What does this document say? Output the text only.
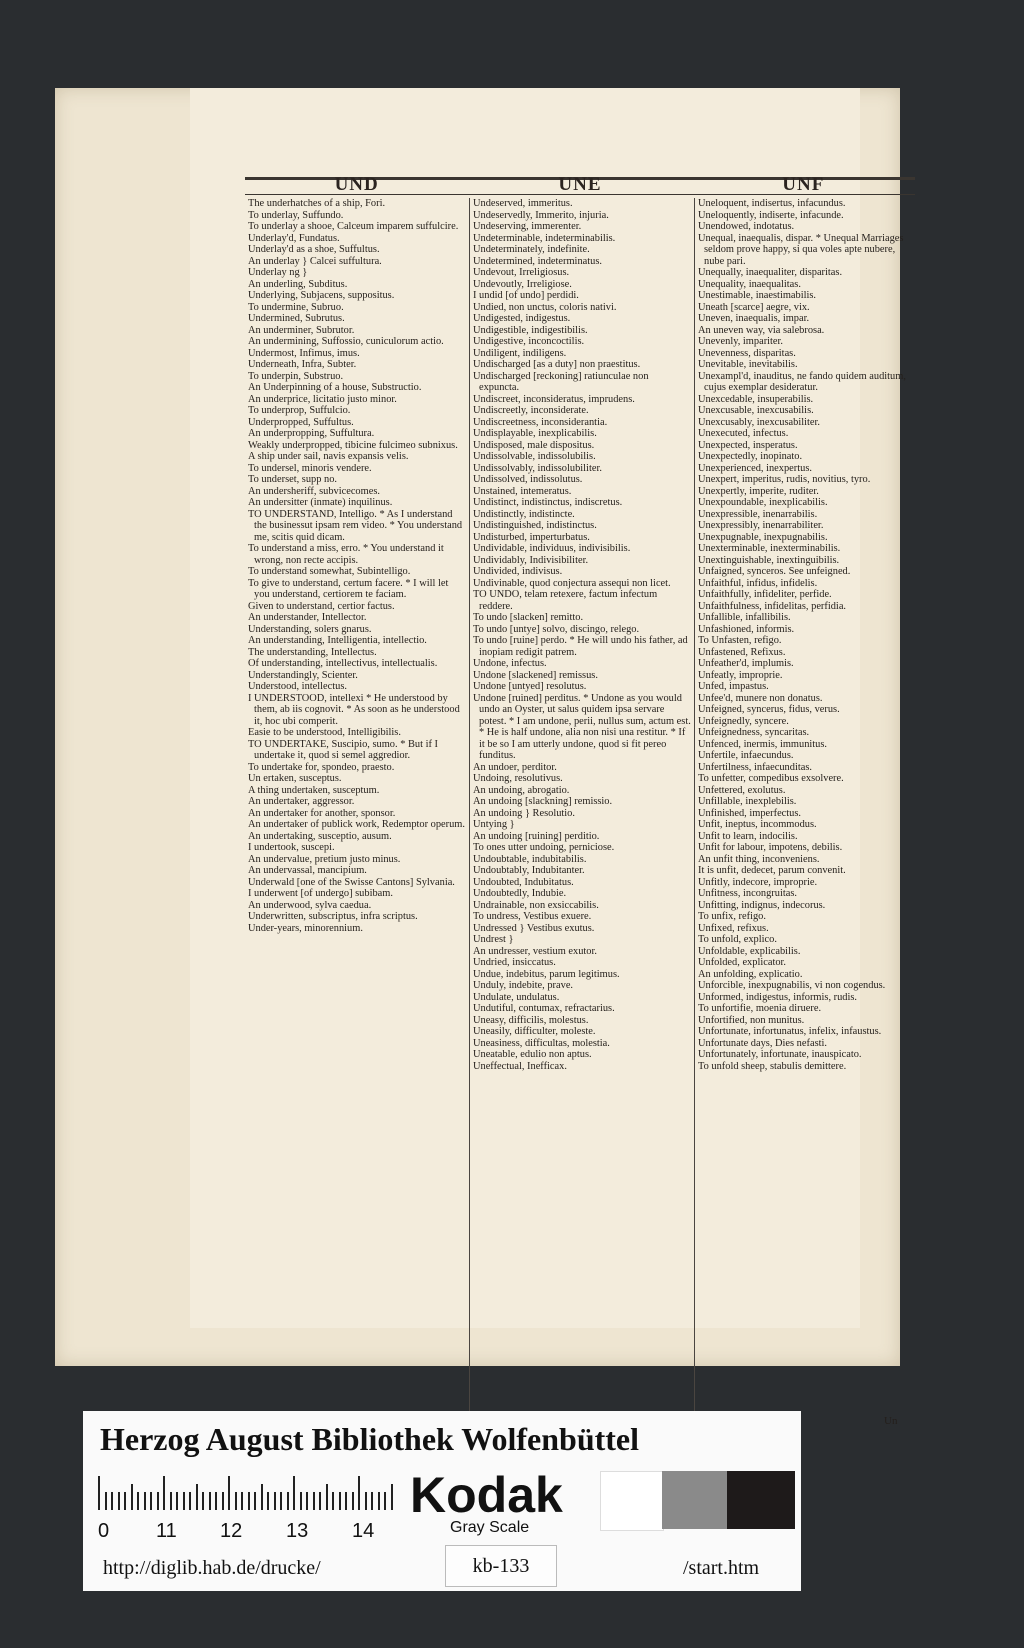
UND	UNE	UNF

The underhatches of a ship, Fori.

To underlay, Suffundo.

To underlay a shooe, Calceum imparem suffulcire.

Underlay'd, Fundatus.

Underlay'd as a shoe, Suffultus.

An underlay } Calcei suffultura.

Underlay ng }

An underling, Subditus.

Underlying, Subjacens, suppositus.

To undermine, Subruo.

Undermined, Subrutus.

An underminer, Subrutor.

An undermining, Suffossio, cuniculorum actio.

Undermost, Infimus, imus.

Underneath, Infra, Subter.

To underpin, Substruo.

An Underpinning of a house, Substructio.

An underprice, licitatio justo minor.

To underprop, Suffulcio.

Underpropped, Suffultus.

An underpropping, Suffultura.

Weakly underpropped, tibicine fulcimeo subnixus.

A ship under sail, navis expansis velis.

To undersel, minoris vendere.

To underset, supp no.

An undersheriff, subvicecomes.

An undersitter (inmate) inquilinus.

TO UNDERSTAND, Intelligo. * As I understand the businessut ipsam rem video. * You understand me, scitis quid dicam.

To understand a miss, erro. * You understand it wrong, non recte accipis.

To understand somewhat, Subintelligo.

To give to understand, certum facere. * I will let you understand, certiorem te faciam.

Given to understand, certior factus.

An understander, Intellector.

Understanding, solers gnarus.

An understanding, Intelligentia, intellectio.

The understanding, Intellectus.

Of understanding, intellectivus, intellectualis.

Understandingly, Scienter.

Understood, intellectus.

I UNDERSTOOD, intellexi * He understood by them, ab iis cognovit. * As soon as he understood it, hoc ubi comperit.

Easie to be understood, Intelligibilis.

TO UNDERTAKE, Suscipio, sumo. * But if I undertake it, quod si semel aggredior.

To undertake for, spondeo, praesto.

Un ertaken, susceptus.

A thing undertaken, susceptum.

An undertaker, aggressor.

An undertaker for another, sponsor.

An undertaker of publick work, Redemptor operum.

An undertaking, susceptio, ausum.

I undertook, suscepi.

An undervalue, pretium justo minus.

An undervassal, mancipium.

Underwald [one of the Swisse Cantons] Sylvania.

I underwent [of undergo] subibam.

An underwood, sylva caedua.

Underwritten, subscriptus, infra scriptus.

Under-years, minorennium.

Undeserved, immeritus.

Undeservedly, Immerito, injuria.

Undeserving, immerenter.

Undeterminable, indeterminabilis.

Undeterminately, indefinite.

Undetermined, indeterminatus.

Undevout, Irreligiosus.

Undevoutly, Irreligiose.

I undid [of undo] perdidi.

Undied, non unctus, coloris nativi.

Undigested, indigestus.

Undigestible, indigestibilis.

Undigestive, inconcoctilis.

Undiligent, indiligens.

Undischarged [as a duty] non praestitus.

Undischarged [reckoning] ratiunculae non expuncta.

Undiscreet, inconsideratus, imprudens.

Undiscreetly, inconsiderate.

Undiscreetness, inconsiderantia.

Undisplayable, inexplicabilis.

Undisposed, male dispositus.

Undissolvable, indissolubilis.

Undissolvably, indissolubiliter.

Undissolved, indissolutus.

Unstained, intemeratus.

Undistinct, indistinctus, indiscretus.

Undistinctly, indistincte.

Undistinguished, indistinctus.

Undisturbed, imperturbatus.

Undividable, individuus, indivisibilis.

Undividably, Indivisibiliter.

Undivided, indivisus.

Undivinable, quod conjectura assequi non licet.

TO UNDO, telam retexere, factum infectum reddere.

To undo [slacken] remitto.

To undo [untye] solvo, discingo, relego.

To undo [ruine] perdo. * He will undo his father, ad inopiam redigit patrem.

Undone, infectus.

Undone [slackened] remissus.

Undone [untyed] resolutus.

Undone [ruined] perditus. * Undone as you would undo an Oyster, ut salus quidem ipsa servare potest. * I am undone, perii, nullus sum, actum est. * He is half undone, alia non nisi una restitur. * If it be so I am utterly undone, quod si fit pereo funditus.

An undoer, perditor.

Undoing, resolutivus.

An undoing, abrogatio.

An undoing [slackning] remissio.

An undoing } Resolutio.

Untying }

An undoing [ruining] perditio.

To ones utter undoing, perniciose.

Undoubtable, indubitabilis.

Undoubtably, Indubitanter.

Undoubted, Indubitatus.

Undoubtedly, Indubie.

Undrainable, non exsiccabilis.

To undress, Vestibus exuere.

Undressed } Vestibus exutus.

Undrest }

An undresser, vestium exutor.

Undried, insiccatus.

Undue, indebitus, parum legitimus.

Unduly, indebite, prave.

Undulate, undulatus.

Undutiful, contumax, refractarius.

Uneasy, difficilis, molestus.

Uneasily, difficulter, moleste.

Uneasiness, difficultas, molestia.

Uneatable, edulio non aptus.

Uneffectual, Inefficax.

Uneloquent, indisertus, infacundus.

Uneloquently, indiserte, infacunde.

Unendowed, indotatus.

Unequal, inaequalis, dispar. * Unequal Marriages seldom prove happy, si qua voles apte nubere, nube pari.

Unequally, inaequaliter, disparitas.

Unequality, inaequalitas.

Unestimable, inaestimabilis.

Uneath [scarce] aegre, vix.

Uneven, inaequalis, impar.

An uneven way, via salebrosa.

Unevenly, impariter.

Unevenness, disparitas.

Unevitable, inevitabilis.

Unexampl'd, inauditus, ne fando quidem auditum, cujus exemplar desideratur.

Unexcedable, insuperabilis.

Unexcusable, inexcusabilis.

Unexcusably, inexcusabiliter.

Unexecuted, infectus.

Unexpected, insperatus.

Unexpectedly, inopinato.

Unexperienced, inexpertus.

Unexpert, imperitus, rudis, novitius, tyro.

Unexpertly, imperite, ruditer.

Unexpoundable, inexplicabilis.

Unexpressible, inenarrabilis.

Unexpressibly, inenarrabiliter.

Unexpugnable, inexpugnabilis.

Unexterminable, inexterminabilis.

Unextinguishable, inextinguibilis.

Unfaigned, synceros. See unfeigned.

Unfaithful, infidus, infidelis.

Unfaithfully, infideliter, perfide.

Unfaithfulness, infidelitas, perfidia.

Unfallible, infallibilis.

Unfashioned, informis.

To Unfasten, refigo.

Unfastened, Refixus.

Unfeather'd, implumis.

Unfeatly, improprie.

Unfed, impastus.

Unfee'd, munere non donatus.

Unfeigned, syncerus, fidus, verus.

Unfeignedly, syncere.

Unfeignedness, syncaritas.

Unfenced, inermis, immunitus.

Unfertile, infaecundus.

Unfertilness, infaecunditas.

To unfetter, compedibus exsolvere.

Unfettered, exolutus.

Unfillable, inexplebilis.

Unfinished, imperfectus.

Unfit, ineptus, incommodus.

Unfit to learn, indocilis.

Unfit for labour, impotens, debilis.

An unfit thing, inconveniens.

It is unfit, dedecet, parum convenit.

Unfitly, indecore, improprie.

Unfitness, incongruitas.

Unfitting, indignus, indecorus.

To unfix, refigo.

Unfixed, refixus.

To unfold, explico.

Unfoldable, explicabilis.

Unfolded, explicator.

An unfolding, explicatio.

Unforcible, inexpugnabilis, vi non cogendus.

Unformed, indigestus, informis, rudis.

To unfortifie, moenia diruere.

Unfortified, non munitus.

Unfortunate, infortunatus, infelix, infaustus.

Unfortunate days, Dies nefasti.

Unfortunately, infortunate, inauspicato.

To unfold sheep, stabulis demittere.

Un
Herzog August Bibliothek Wolfenbüttel
0 11 12 13 14
Kodak
Gray Scale
http://diglib.hab.de/drucke/	kb-133	/start.htm
